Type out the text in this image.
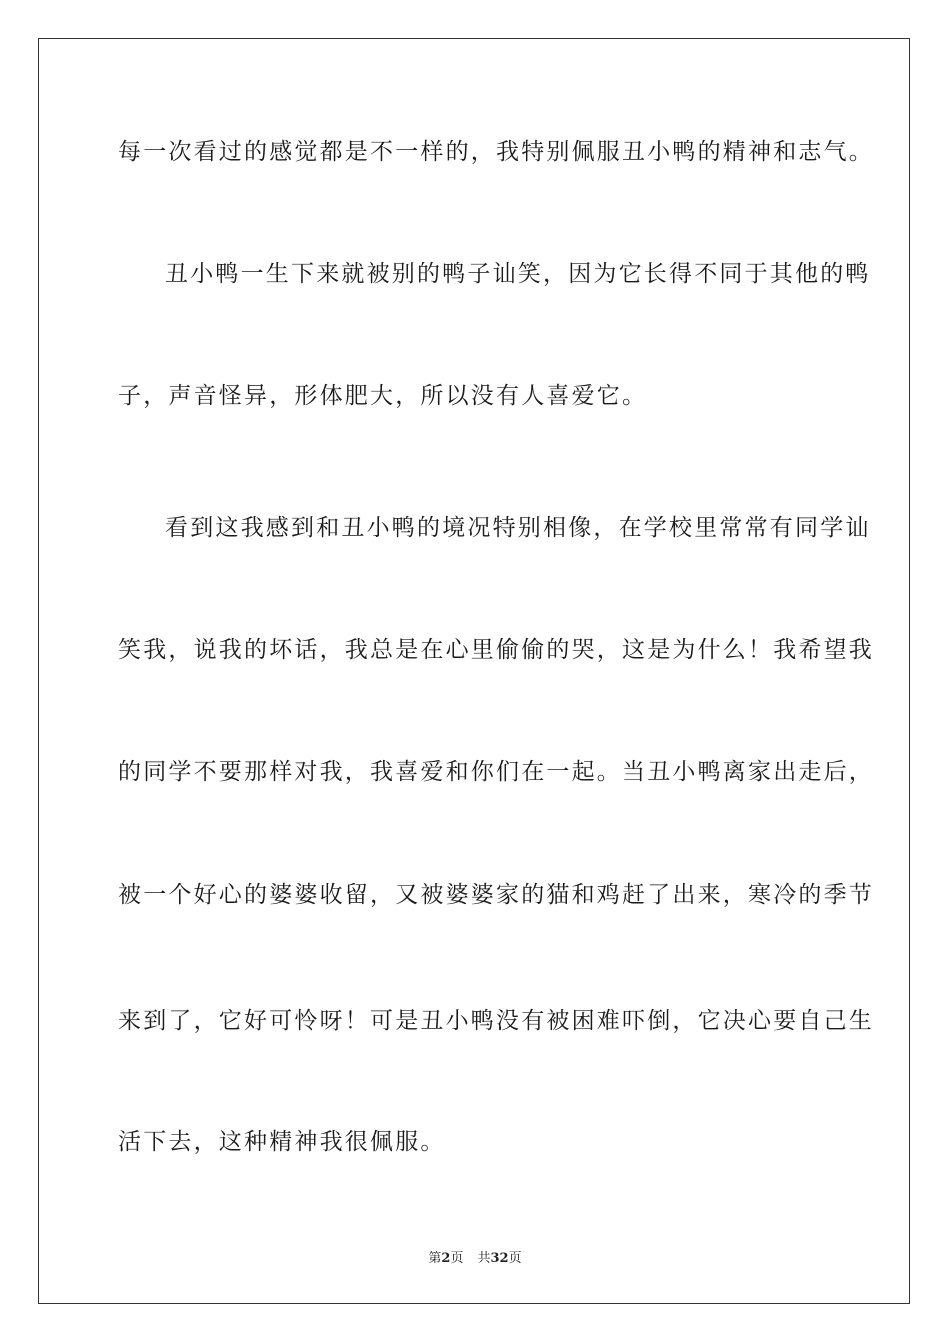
每一次看过的感觉都是不一样的，我特别佩服丑小鸭的精神和志气。
丑小鸭一生下来就被别的鸭子讪笑，因为它长得不同于其他的鸭
子，声音怪异，形体肥大，所以没有人喜爱它。
看到这我感到和丑小鸭的境况特别相像，在学校里常常有同学讪
笑我，说我的坏话，我总是在心里偷偷的哭，这是为什么！我希望我
的同学不要那样对我，我喜爱和你们在一起。当丑小鸭离家出走后，
被一个好心的婆婆收留，又被婆婆家的猫和鸡赶了出来，寒冷的季节
来到了，它好可怜呀！可是丑小鸭没有被困难吓倒，它决心要自己生
活下去，这种精神我很佩服。
第2页 共32页
